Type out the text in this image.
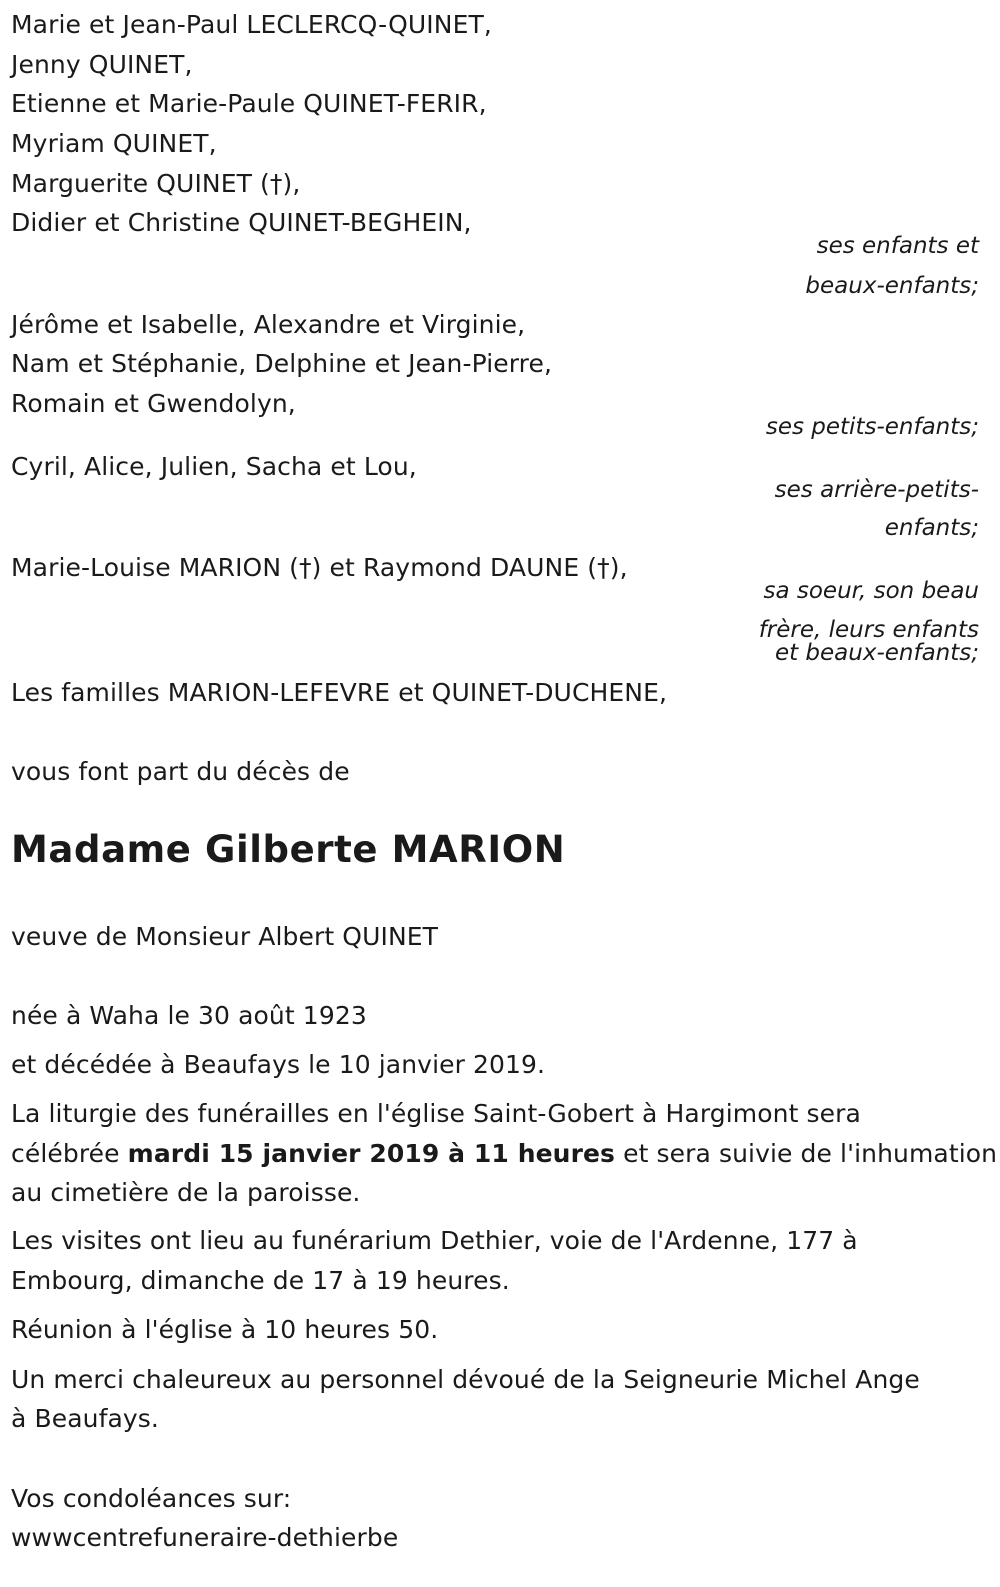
Marie et Jean-Paul LECLERCQ-QUINET,
Jenny QUINET,
Etienne et Marie-Paule QUINET-FERIR,
Myriam QUINET,
Marguerite QUINET (†),
Didier et Christine QUINET-BEGHEIN,
ses enfants et
beaux-enfants;
Jérôme et Isabelle, Alexandre et Virginie,
Nam et Stéphanie, Delphine et Jean-Pierre,
Romain et Gwendolyn,
ses petits-enfants;
Cyril, Alice, Julien, Sacha et Lou,
ses arrière-petits-
enfants;
Marie-Louise MARION (†) et Raymond DAUNE (†),
sa soeur, son beau
frère, leurs enfants
et beaux-enfants;
Les familles MARION-LEFEVRE et QUINET-DUCHENE,
vous font part du décès de
Madame Gilberte MARION
veuve de Monsieur Albert QUINET
née à Waha le 30 août 1923
et décédée à Beaufays le 10 janvier 2019.
La liturgie des funérailles en l'église Saint-Gobert à Hargimont sera
célébrée mardi 15 janvier 2019 à 11 heures et sera suivie de l'inhumation
au cimetière de la paroisse.
Les visites ont lieu au funérarium Dethier, voie de l'Ardenne, 177 à
Embourg, dimanche de 17 à 19 heures.
Réunion à l'église à 10 heures 50.
Un merci chaleureux au personnel dévoué de la Seigneurie Michel Ange
à Beaufays.
Vos condoléances sur:
wwwcentrefuneraire-dethierbe
